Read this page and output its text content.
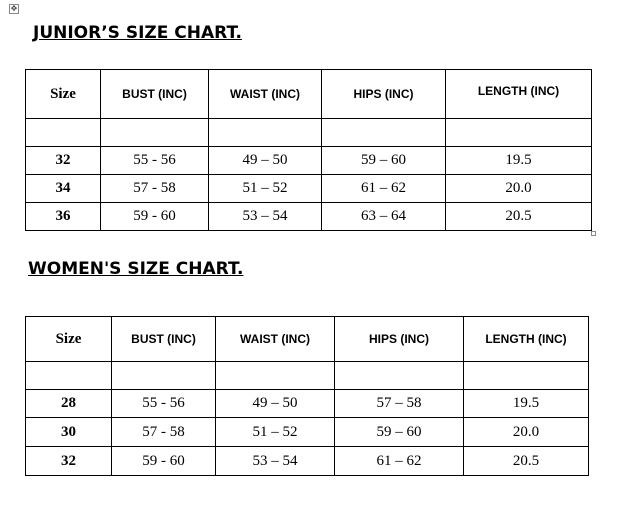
✥
JUNIOR’S SIZE CHART.
Size	BUST (INC)	WAIST (INC)	HIPS (INC)	LENGTH (INC)

32	55 - 56	49 – 50	59 – 60	19.5
34	57 - 58	51 – 52	61 – 62	20.0
36	59 - 60	53 – 54	63 – 64	20.5
WOMEN'S SIZE CHART.
Size	BUST (INC)	WAIST (INC)	HIPS (INC)	LENGTH (INC)

28	55 - 56	49 – 50	57 – 58	19.5
30	57 - 58	51 – 52	59 – 60	20.0
32	59 - 60	53 – 54	61 – 62	20.5
